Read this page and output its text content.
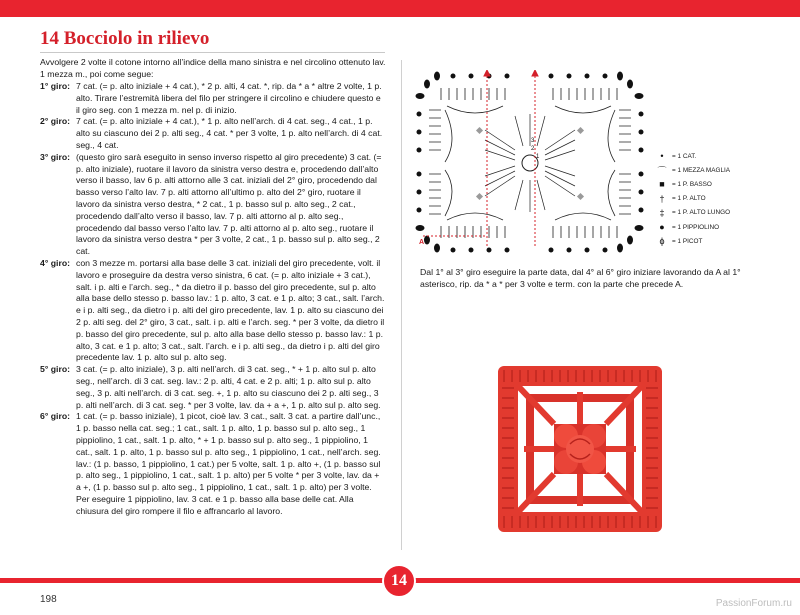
14 Bocciolo in rilievo
Avvolgere 2 volte il cotone intorno all’indice della mano sinistra e nel circolino ottenuto lav. 1 mezza m., poi come segue:
1° giro: 7 cat. (= p. alto iniziale + 4 cat.), * 2 p. alti, 4 cat. *, rip. da * a * altre 2 volte, 1 p. alto. Tirare l’estremità libera del filo per stringere il circolino e chiudere questo e il giro seg. con 1 mezza m. nel p. di inizio.
2° giro: 7 cat. (= p. alto iniziale + 4 cat.), * 1 p. alto nell’arch. di 4 cat. seg., 4 cat., 1 p. alto su ciascuno dei 2 p. alti seg., 4 cat. * per 3 volte, 1 p. alto nell’arch. di 4 cat. seg., 4 cat.
3° giro: (questo giro sarà eseguito in senso inverso rispetto al giro precedente) 3 cat. (= p. alto iniziale), ruotare il lavoro da sinistra verso destra e, procedendo dall’alto verso il basso, lav 6 p. alti attorno alle 3 cat. iniziali del 2° giro, procedendo dal basso verso l’alto lav. 7 p. alti attorno all’ultimo p. alto del 2° giro, ruotare il lavoro da sinistra verso destra, * 2 cat., 1 p. basso sul p. alto seg., 2 cat., procedendo dall’alto verso il basso, lav. 7 p. alti attorno al p. alto seg., procedendo dal basso verso l’alto lav. 7 p. alti attorno al p. alto seg., ruotare il lavoro da sinistra verso destra * per 3 volte, 2 cat., 1 p. basso sul p. alto seg., 2 cat.
4° giro: con 3 mezze m. portarsi alla base delle 3 cat. iniziali del giro precedente, volt. il lavoro e proseguire da destra verso sinistra, 6 cat. (= p. alto iniziale + 3 cat.), salt. i p. alti e l’arch. seg., * da dietro il p. basso del giro precedente, sul p. alto alla base dello stesso p. basso lav.: 1 p. alto, 3 cat. e 1 p. alto; 3 cat., salt. l’arch. e i p. alti seg., da dietro i p. alti del giro precedente, lav. 1 p. alto su ciascuno dei 2 p. alti seg. del 2° giro, 3 cat., salt. i p. alti e l’arch. seg. * per 3 volte, da dietro il p. basso del giro precedente, sul p. alto alla base dello stesso p. basso lav.: 1 p. alto, 3 cat. e 1 p. alto; 3 cat., salt. l’arch. e i p. alti seg., da dietro i p. alti del giro precedente lav. 1 p. alto sul p. alto seg.
5° giro: 3 cat. (= p. alto iniziale), 3 p. alti nell’arch. di 3 cat. seg., * + 1 p. alto sul p. alto seg., nell’arch. di 3 cat. seg. lav.: 2 p. alti, 4 cat. e 2 p. alti; 1 p. alto sul p. alto seg., 3 p. alti nell’arch. di 3 cat. seg. +, 1 p. alto su ciascuno dei 2 p. alti seg., 3 p. alti nell’arch. di 3 cat. seg. * per 3 volte, lav. da + a +, 1 p. alto sul p. alto seg.
6° giro: 1 cat. (= p. basso iniziale), 1 picot, cioè lav. 3 cat., salt. 3 cat. a partire dall’unc., 1 p. basso nella cat. seg.; 1 cat., salt. 1 p. alto, 1 p. basso sul p. alto seg., 1 pippiolino, 1 cat., salt. 1 p. alto, * + 1 p. basso sul p. alto seg., 1 pippiolino, 1 cat., salt. 1 p. alto, 1 p. basso sul p. alto seg., 1 pippiolino, 1 cat., nell’arch. seg. lav.: (1 p. basso, 1 pippiolino, 1 cat.) per 5 volte, salt. 1 p. alto +, (1 p. basso sul p. alto seg., 1 pippiolino, 1 cat., salt. 1 p. alto) per 5 volte * per 3 volte, lav. da + a +, (1 p. basso sul p. alto seg., 1 pippiolino, 1 cat., salt. 1 p. alto) per 3 volte. Per eseguire 1 pippiolino, lav. 3 cat. e 1 p. basso alla base delle cat. Alla chiusura del giro rompere il filo e affrancarlo al lavoro.
3
2
1
A
•	= 1 CAT.
⌒ = 1 MEZZA MAGLIA
■	= 1 P. BASSO
†	= 1 P. ALTO
‡	= 1 P. ALTO LUNGO
●	= 1 PIPPIOLINO
ϕ	= 1 PICOT
Dal 1° al 3° giro eseguire la parte data, dal 4° al 6° giro iniziare lavorando da A al 1° asterisco, rip. da * a * per 3 volte e term. con la parte che precede A.
14
198	PassionForum.ru
